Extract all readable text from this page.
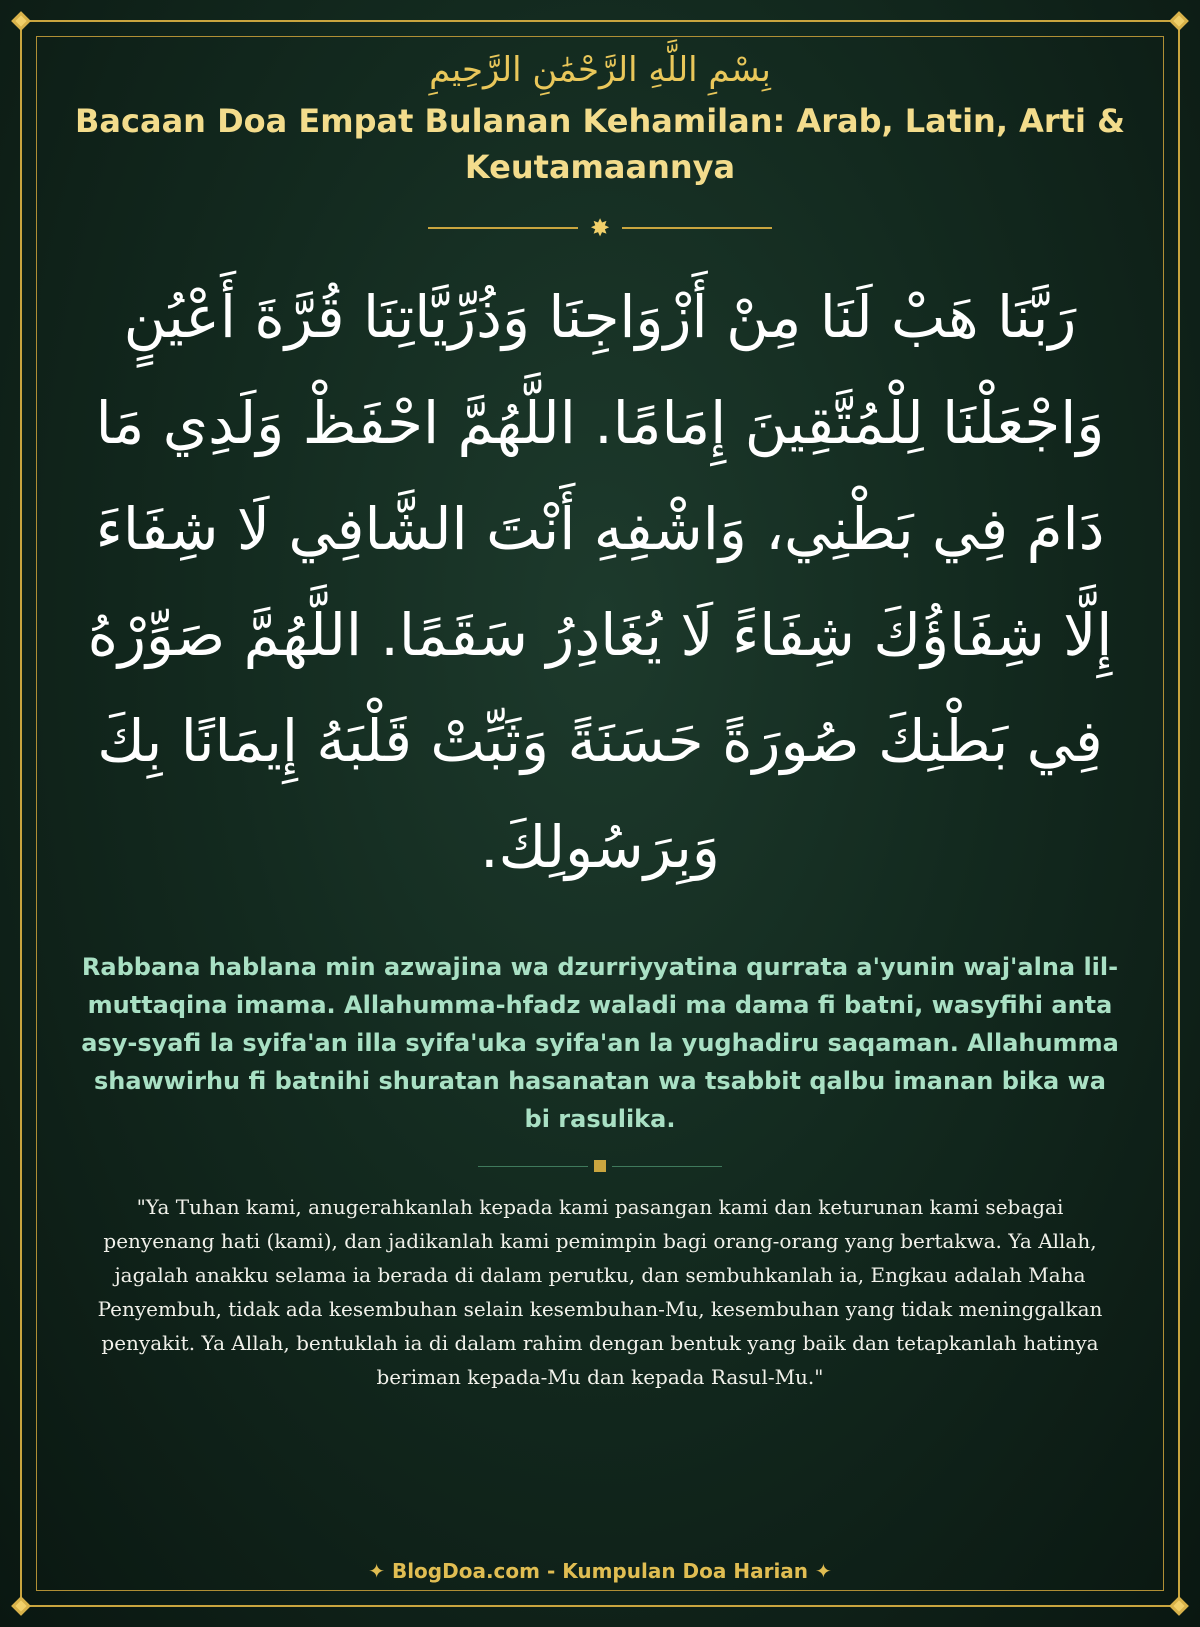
بِسْمِ اللَّهِ الرَّحْمَٰنِ الرَّحِيمِ

Bacaan Doa Empat Bulanan Kehamilan: Arab, Latin, Arti & Keutamaannya
✸

رَبَّنَا هَبْ لَنَا مِنْ أَزْوَاجِنَا وَذُرِّيَّاتِنَا قُرَّةَ أَعْيُنٍ وَاجْعَلْنَا لِلْمُتَّقِينَ إِمَامًا. اللَّهُمَّ احْفَظْ وَلَدِي مَا دَامَ فِي بَطْنِي، وَاشْفِهِ أَنْتَ الشَّافِي لَا شِفَاءَ إِلَّا شِفَاؤُكَ شِفَاءً لَا يُغَادِرُ سَقَمًا. اللَّهُمَّ صَوِّرْهُ فِي بَطْنِكَ صُورَةً حَسَنَةً وَثَبِّتْ قَلْبَهُ إِيمَانًا بِكَ وَبِرَسُولِكَ.

Rabbana hablana min azwajina wa dzurriyyatina qurrata a'yunin waj'alna lil-muttaqina imama. Allahumma-hfadz waladi ma dama fi batni, wasyfihi anta asy-syafi la syifa'an illa syifa'uka syifa'an la yughadiru saqaman. Allahumma shawwirhu fi batnihi shuratan hasanatan wa tsabbit qalbu imanan bika wa bi rasulika.

"Ya Tuhan kami, anugerahkanlah kepada kami pasangan kami dan keturunan kami sebagai penyenang hati (kami), dan jadikanlah kami pemimpin bagi orang-orang yang bertakwa. Ya Allah, jagalah anakku selama ia berada di dalam perutku, dan sembuhkanlah ia, Engkau adalah Maha Penyembuh, tidak ada kesembuhan selain kesembuhan-Mu, kesembuhan yang tidak meninggalkan penyakit. Ya Allah, bentuklah ia di dalam rahim dengan bentuk yang baik dan tetapkanlah hatinya beriman kepada-Mu dan kepada Rasul-Mu."

✦ BlogDoa.com - Kumpulan Doa Harian ✦
